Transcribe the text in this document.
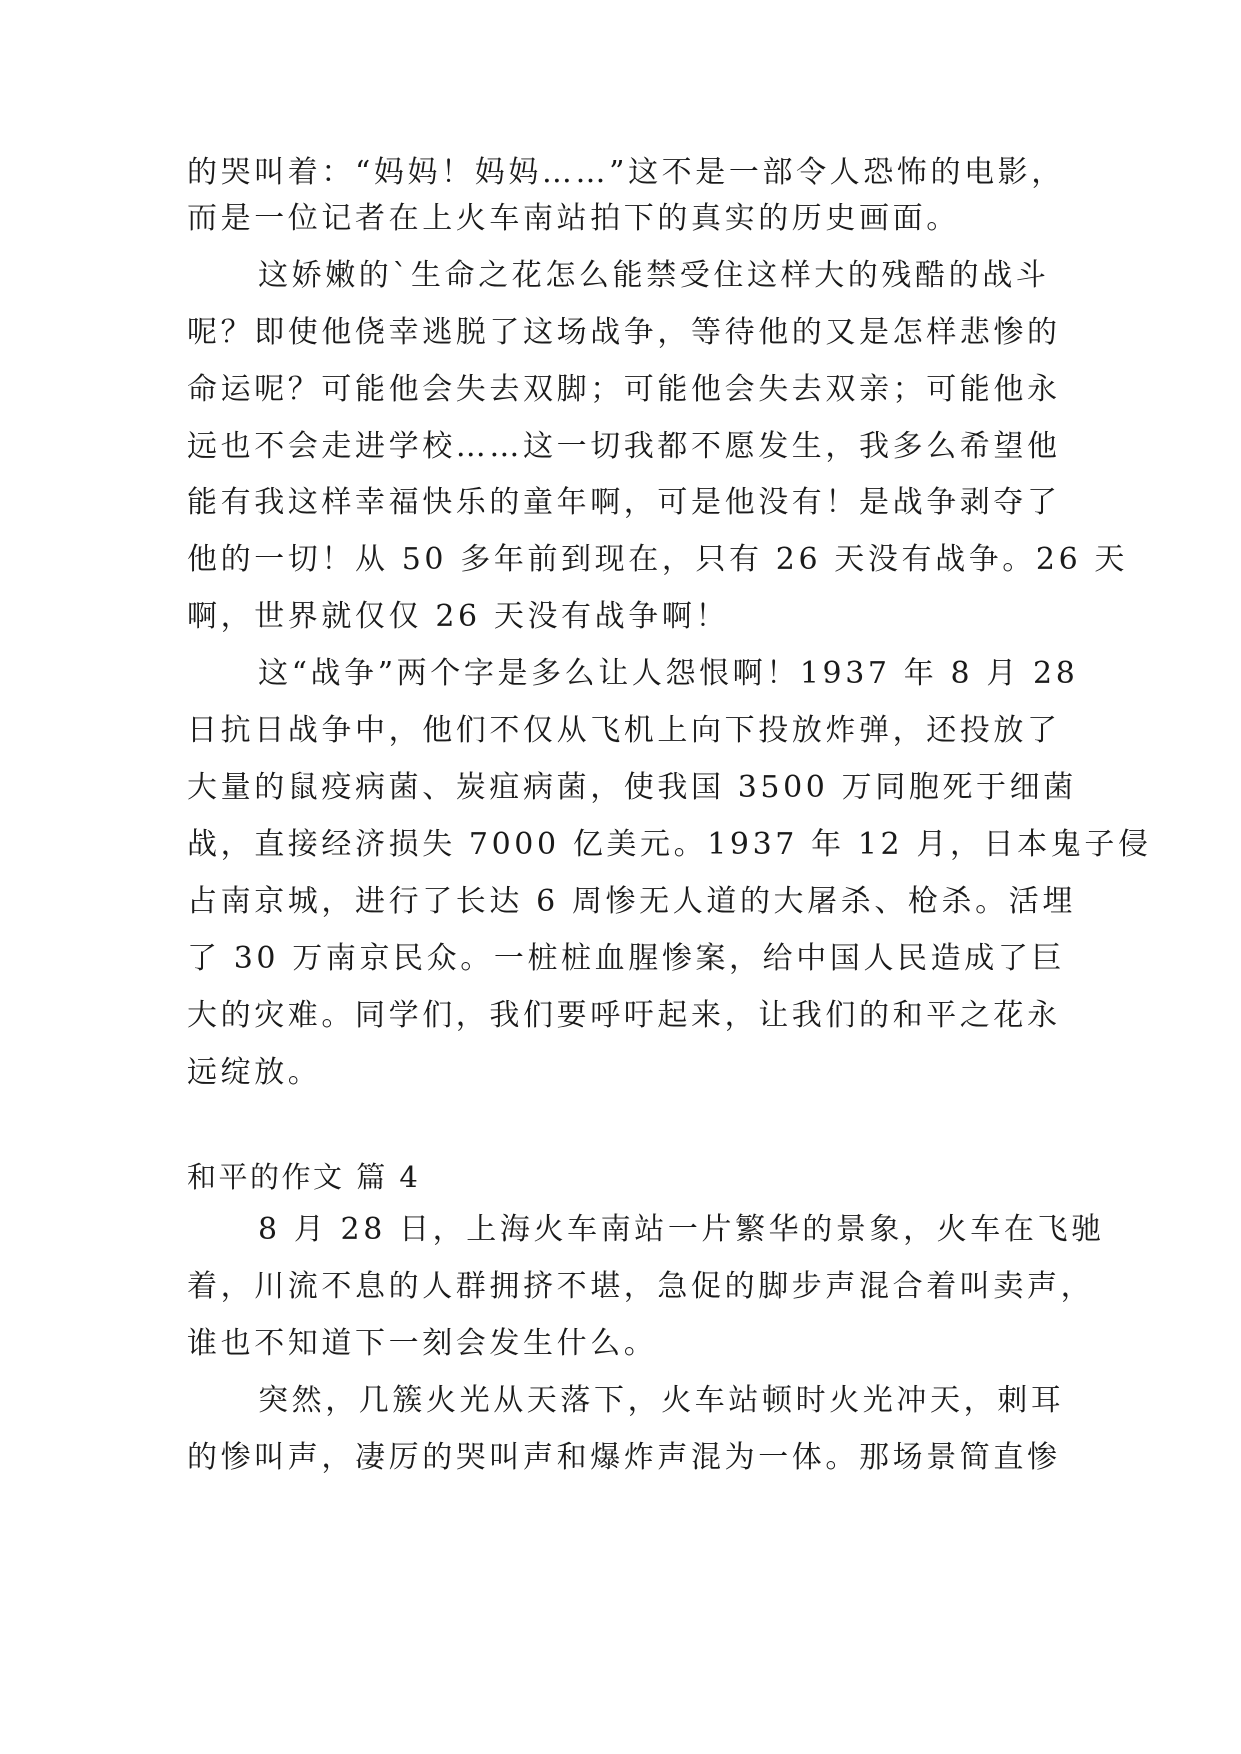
的哭叫着：“妈妈！妈妈……”这不是一部令人恐怖的电影，
而是一位记者在上火车南站拍下的真实的历史画面。
这娇嫩的`生命之花怎么能禁受住这样大的残酷的战斗
呢？即使他侥幸逃脱了这场战争，等待他的又是怎样悲惨的
命运呢？可能他会失去双脚；可能他会失去双亲；可能他永
远也不会走进学校……这一切我都不愿发生，我多么希望他
能有我这样幸福快乐的童年啊，可是他没有！是战争剥夺了
他的一切！从 50 多年前到现在，只有 26 天没有战争。26 天
啊，世界就仅仅 26 天没有战争啊！
这“战争”两个字是多么让人怨恨啊！1937 年 8 月 28
日抗日战争中，他们不仅从飞机上向下投放炸弹，还投放了
大量的鼠疫病菌、炭疽病菌，使我国 3500 万同胞死于细菌
战，直接经济损失 7000 亿美元。1937 年 12 月，日本鬼子侵
占南京城，进行了长达 6 周惨无人道的大屠杀、枪杀。活埋
了 30 万南京民众。一桩桩血腥惨案，给中国人民造成了巨
大的灾难。同学们，我们要呼吁起来，让我们的和平之花永
远绽放。
和平的作文 篇 4
8 月 28 日，上海火车南站一片繁华的景象，火车在飞驰
着，川流不息的人群拥挤不堪，急促的脚步声混合着叫卖声，
谁也不知道下一刻会发生什么。
突然，几簇火光从天落下，火车站顿时火光冲天，刺耳
的惨叫声，凄厉的哭叫声和爆炸声混为一体。那场景简直惨
